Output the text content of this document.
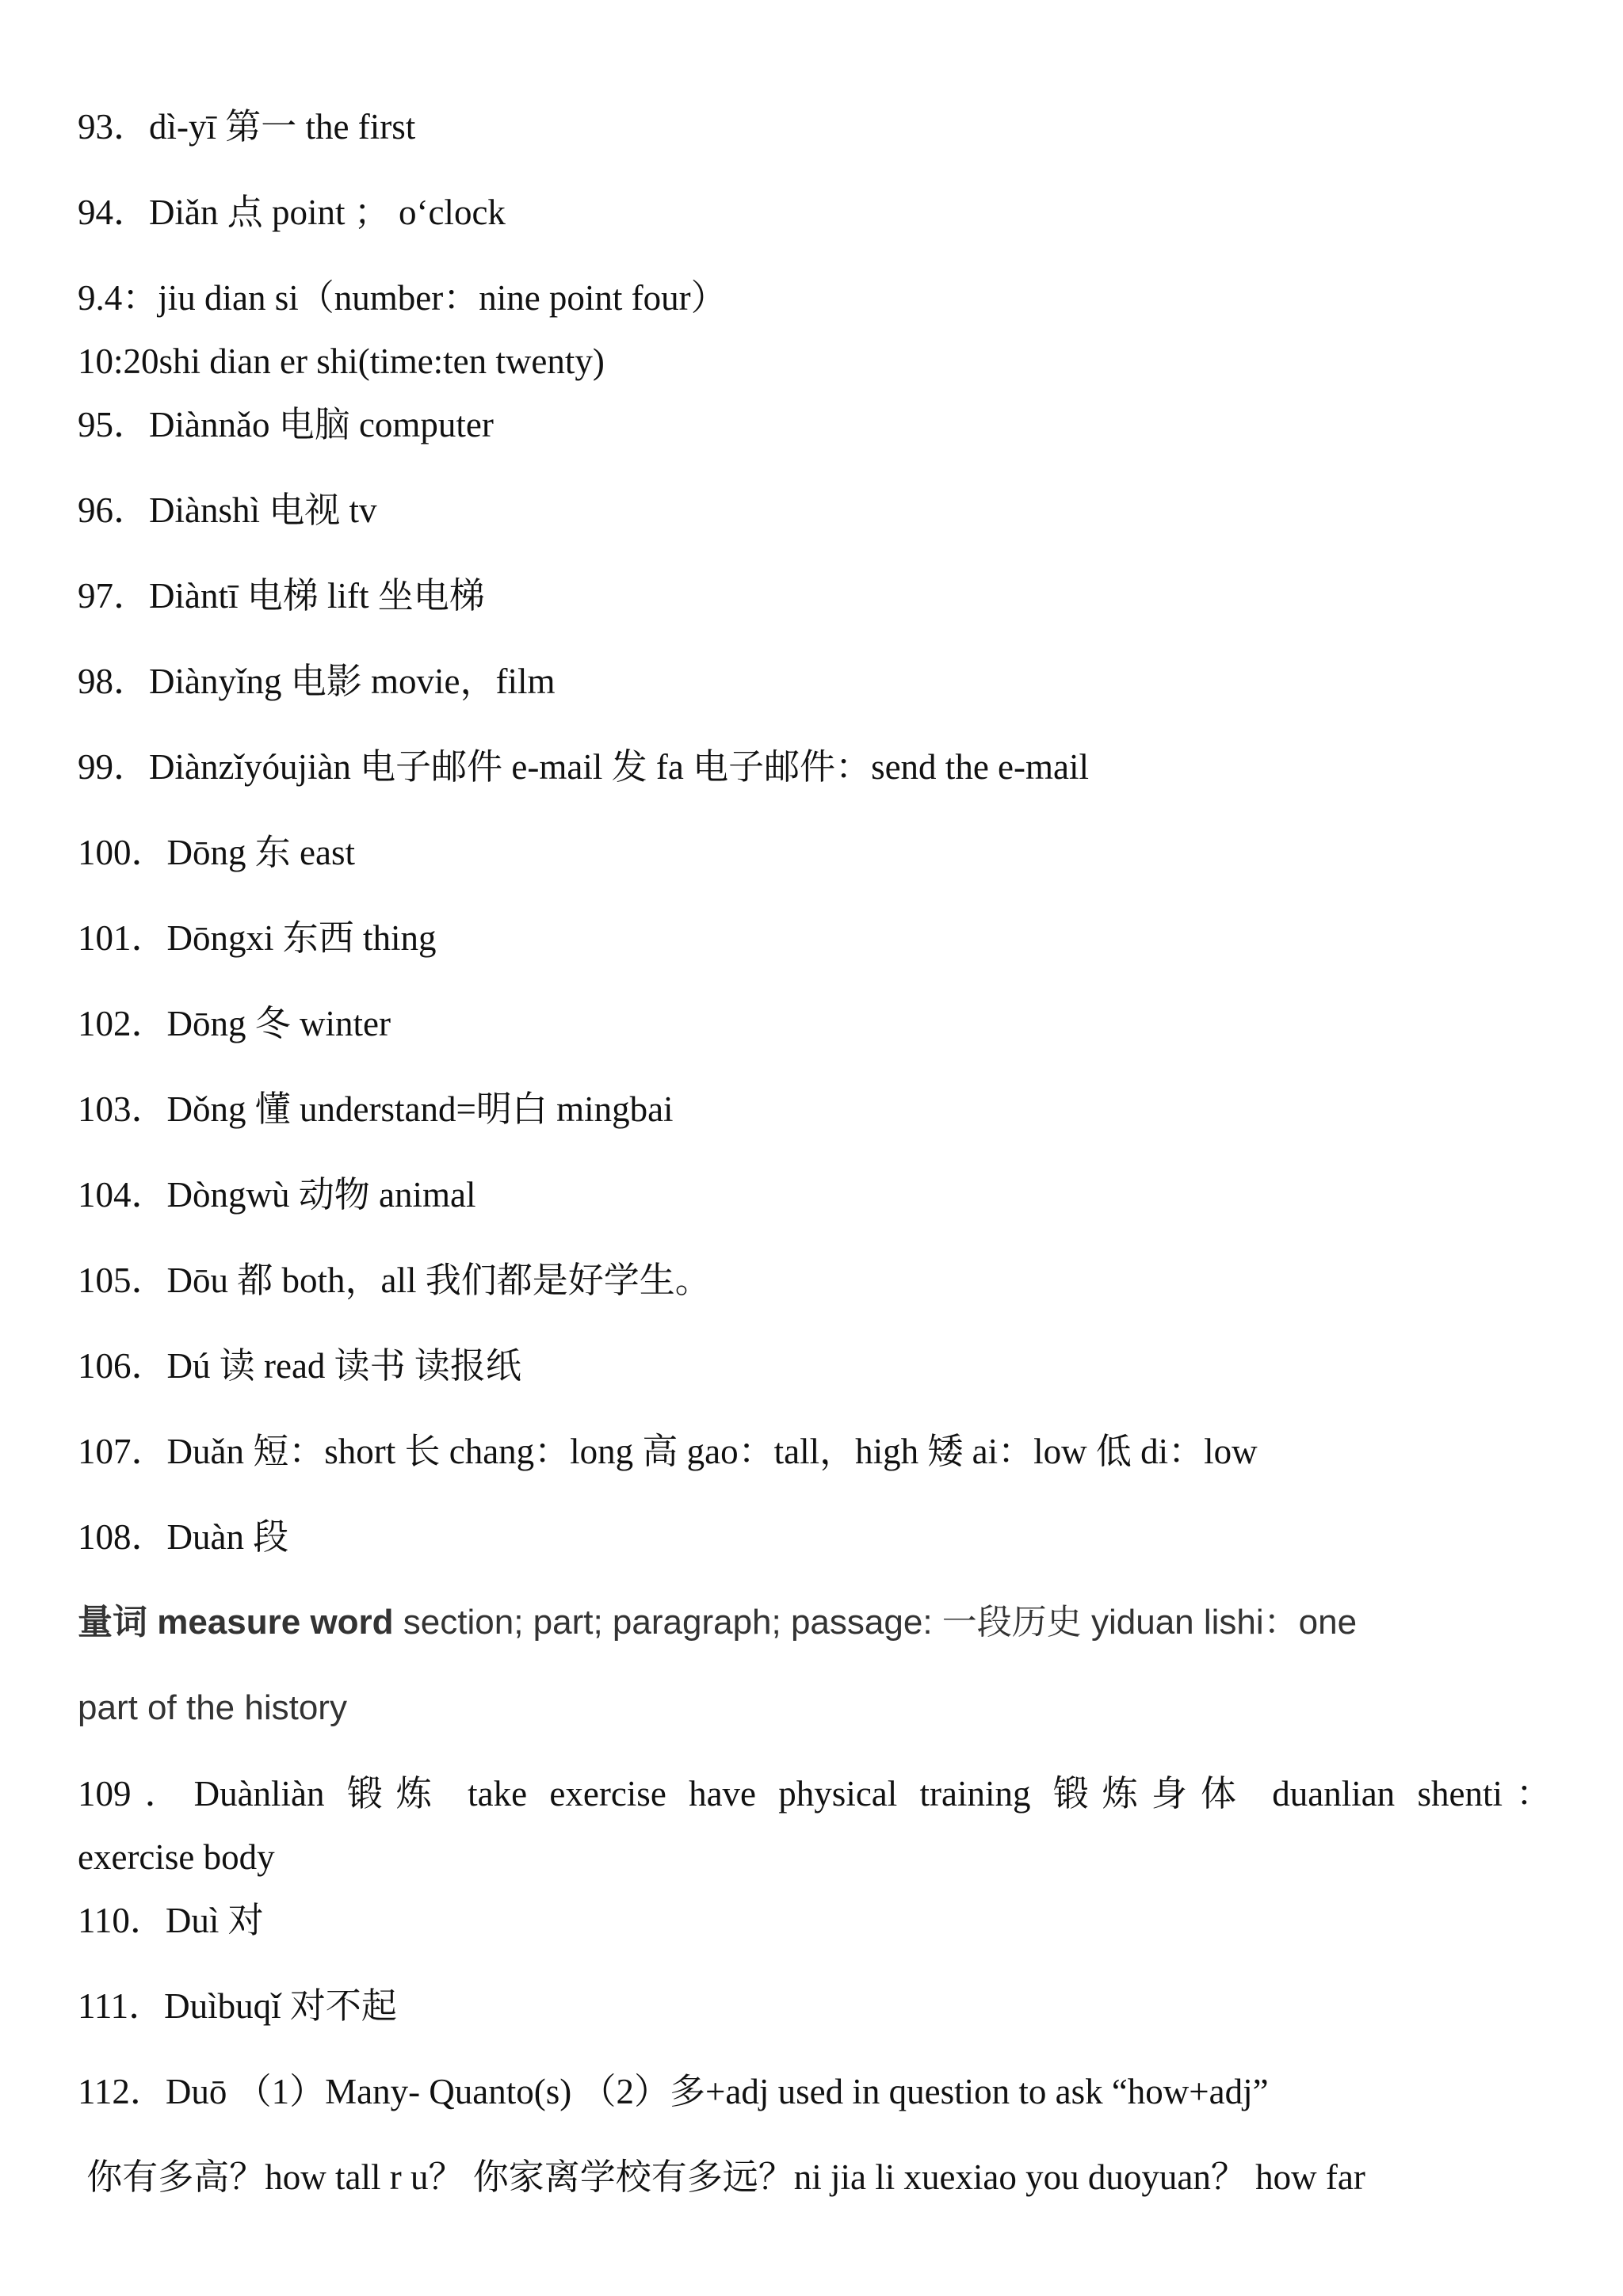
93．dì-yī 第一 the first
94．Diǎn 点 point ； o‘clock
9.4：jiu dian si（number：nine point four）
10:20shi dian er shi(time:ten twenty)
95．Diànnǎo 电脑 computer
96．Diànshì 电视 tv
97．Diàntī 电梯 lift 坐电梯
98．Diànyǐng 电影 movie，film
99．Diànzǐyóujiàn 电子邮件 e-mail 发 fa 电子邮件：send the e-mail
100．Dōng 东 east
101．Dōngxi 东西 thing
102．Dōng 冬 winter
103．Dǒng 懂 understand=明白 mingbai
104．Dòngwù 动物 animal
105．Dōu 都 both，all 我们都是好学生。
106．Dú 读 read 读书 读报纸
107．Duǎn 短：short 长 chang：long 高 gao：tall，high 矮 ai：low 低 di：low
108．Duàn 段
量词 measure word section; part; paragraph; passage: 一段历史 yiduan lishi：one
part of the history
109．Duànliàn 锻炼 take exercise have physical training 锻炼身体 duanlian shenti：
exercise body
110．Duì 对
111．Duìbuqǐ 对不起
112．Duō （1）Many- Quanto(s) （2）多+adj used in question to ask “how+adj”
你有多高？how tall r u？ 你家离学校有多远？ni jia li xuexiao you duoyuan？ how far
